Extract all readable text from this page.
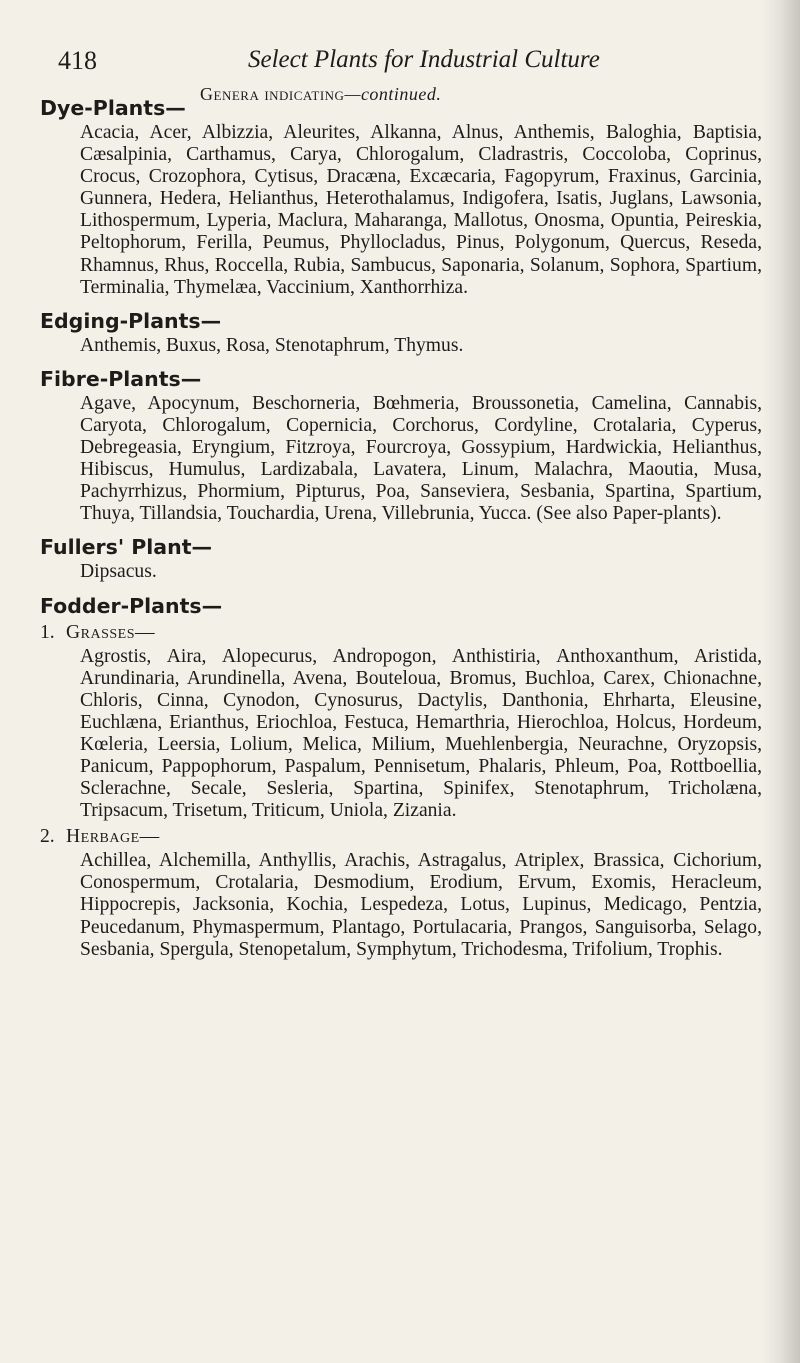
418	Select Plants for Industrial Culture
Genera indicating—continued.
Dye-Plants—

Acacia, Acer, Albizzia, Aleurites, Alkanna, Alnus, Anthemis, Baloghia, Baptisia, Cæsalpinia, Carthamus, Carya, Chlorogalum, Cladrastris, Coccoloba, Coprinus, Crocus, Crozophora, Cytisus, Dracæna, Excæcaria, Fagopyrum, Fraxinus, Garcinia, Gunnera, Hedera, Helianthus, Heterothalamus, Indigofera, Isatis, Juglans, Lawsonia, Lithospermum, Lyperia, Maclura, Maharanga, Mallotus, Onosma, Opuntia, Peireskia, Peltophorum, Ferilla, Peumus, Phyllocladus, Pinus, Polygonum, Quercus, Reseda, Rhamnus, Rhus, Roccella, Rubia, Sambucus, Saponaria, Solanum, Sophora, Spartium, Terminalia, Thymelæa, Vaccinium, Xanthorrhiza.

Edging-Plants—

Anthemis, Buxus, Rosa, Stenotaphrum, Thymus.

Fibre-Plants—

Agave, Apocynum, Beschorneria, Bœhmeria, Broussonetia, Camelina, Cannabis, Caryota, Chlorogalum, Copernicia, Corchorus, Cordyline, Crotalaria, Cyperus, Debregeasia, Eryngium, Fitzroya, Fourcroya, Gossypium, Hardwickia, Helianthus, Hibiscus, Humulus, Lardizabala, Lavatera, Linum, Malachra, Maoutia, Musa, Pachyrrhizus, Phormium, Pipturus, Poa, Sanseviera, Sesbania, Spartina, Spartium, Thuya, Tillandsia, Touchardia, Urena, Villebrunia, Yucca. (See also Paper-plants).

Fullers' Plant—

Dipsacus.

Fodder-Plants—
1. Grasses—

Agrostis, Aira, Alopecurus, Andropogon, Anthistiria, Anthoxanthum, Aristida, Arundinaria, Arundinella, Avena, Bouteloua, Bromus, Buchloa, Carex, Chionachne, Chloris, Cinna, Cynodon, Cynosurus, Dactylis, Danthonia, Ehrharta, Eleusine, Euchlæna, Erianthus, Eriochloa, Festuca, Hemarthria, Hierochloa, Holcus, Hordeum, Kœleria, Leersia, Lolium, Melica, Milium, Muehlenbergia, Neurachne, Oryzopsis, Panicum, Pappophorum, Paspalum, Pennisetum, Phalaris, Phleum, Poa, Rottboellia, Sclerachne, Secale, Sesleria, Spartina, Spinifex, Stenotaphrum, Tricholæna, Tripsacum, Trisetum, Triticum, Uniola, Zizania.

2. Herbage—

Achillea, Alchemilla, Anthyllis, Arachis, Astragalus, Atriplex, Brassica, Cichorium, Conospermum, Crotalaria, Desmodium, Erodium, Ervum, Exomis, Heracleum, Hippocrepis, Jacksonia, Kochia, Lespedeza, Lotus, Lupinus, Medicago, Pentzia, Peucedanum, Phymaspermum, Plantago, Portulacaria, Prangos, Sanguisorba, Selago, Sesbania, Spergula, Stenopetalum, Symphytum, Trichodesma, Trifolium, Trophis.
